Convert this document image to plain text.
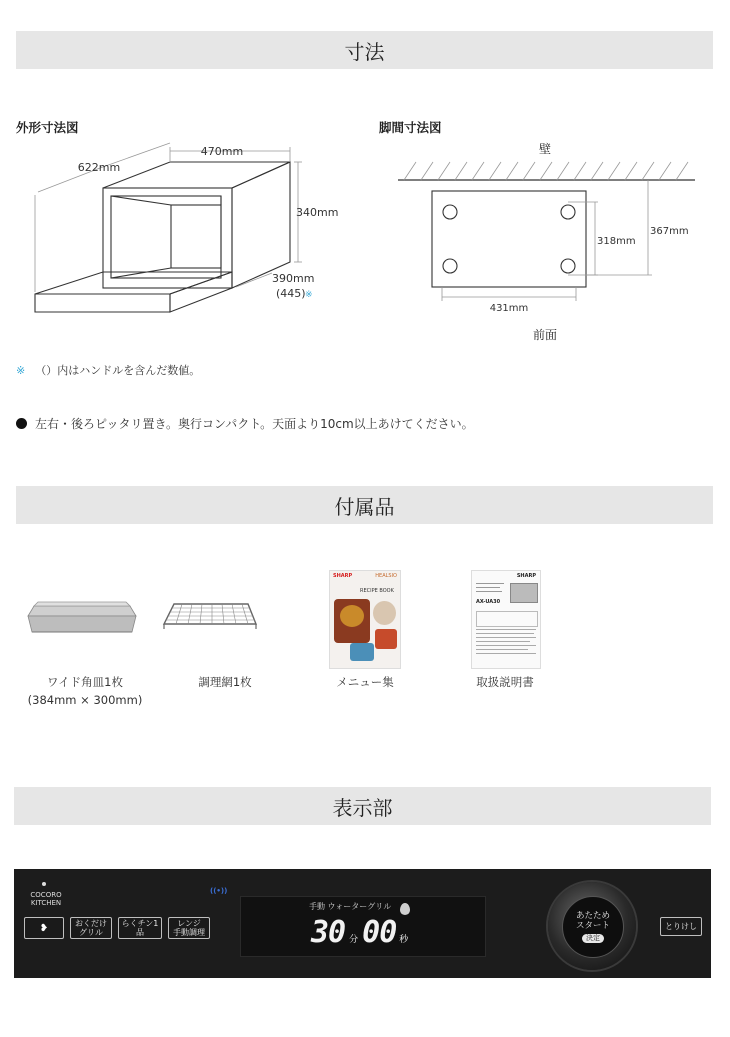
寸法
外形寸法図	脚間寸法図
470mm
622mm
340mm
390mm
(445) ※
壁
318mm
367mm
431mm
前面
※ （）内はハンドルを含んだ数値。
左右・後ろピッタリ置き。奥行コンパクト。天面より10cm以上あけてください。
付属品
SHARP	HEALSIO
RECIPE BOOK
SHARP
AX-UA30
ワイド角皿1枚
(384mm × 300mm)
調理網1枚	メニュー集	取扱説明書
表示部
COCORO
KITCHEN
((•))
❥	おくだけ
グリル
らくチン1品
レンジ
手動調理
手動 ウォーターグリル
30 分 00 秒
あたため
スタート
決定
とりけし
